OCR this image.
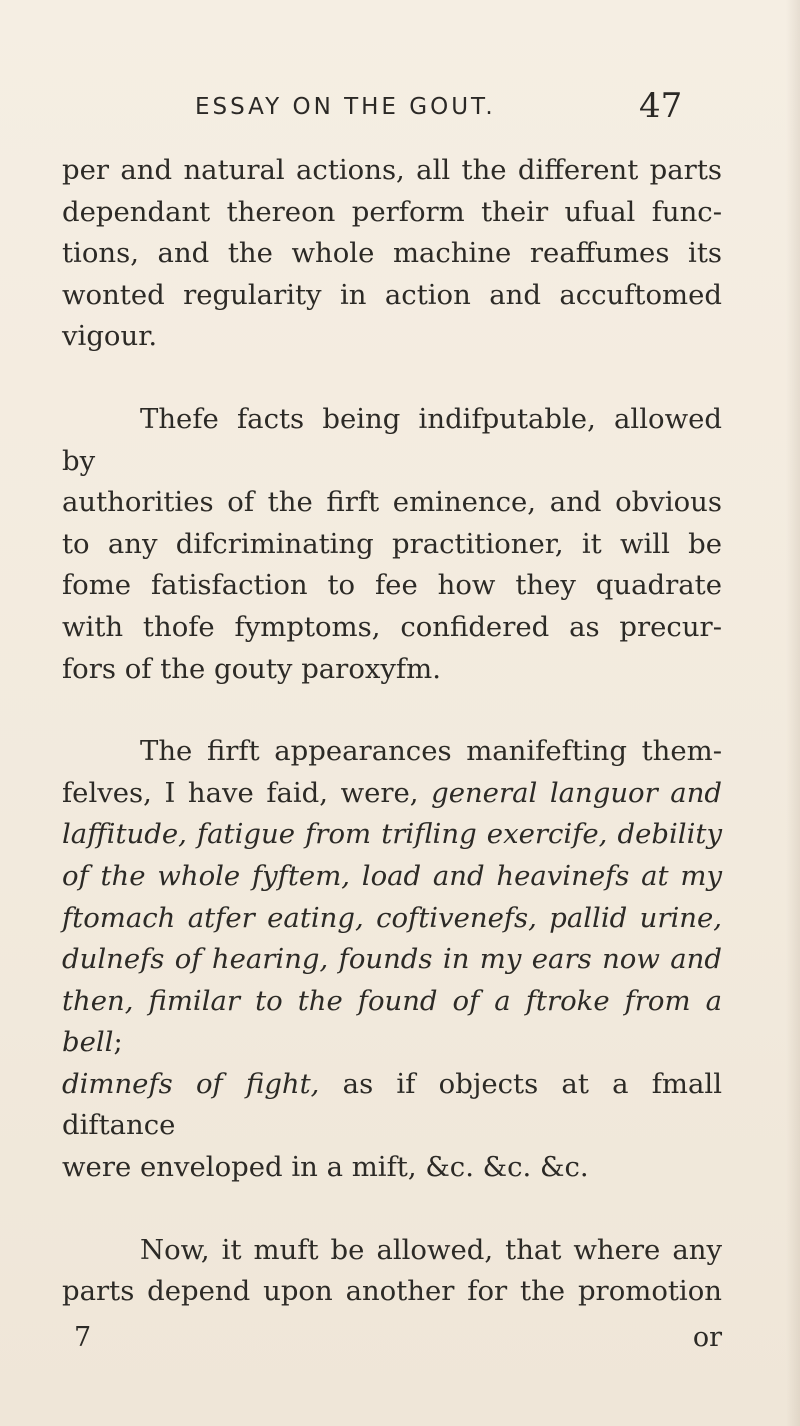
ESSAY ON THE GOUT.	47

per and natural actions, all the different parts

dependant thereon perform their ufual func-

tions, and the whole machine reaffumes its

wonted regularity in action and accuftomed

vigour.

Thefe facts being indifputable, allowed by

authorities of the firft eminence, and obvious

to any difcriminating practitioner, it will be

fome fatisfaction to fee how they quadrate

with thofe fymptoms, confidered as precur-

fors of the gouty paroxyfm.

The firft appearances manifefting them-

felves, I have faid, were, general languor and

laffitude, fatigue from trifling exercife, debility

of the whole fyftem, load and heavinefs at my

ftomach atfer eating, coftivenefs, pallid urine,

dulnefs of hearing, founds in my ears now and

then, fimilar to the found of a ftroke from a bell;

dimnefs of fight, as if objects at a fmall diftance

were enveloped in a mift, &c. &c. &c.

Now, it muft be allowed, that where any

parts depend upon another for the promotion

7	or
